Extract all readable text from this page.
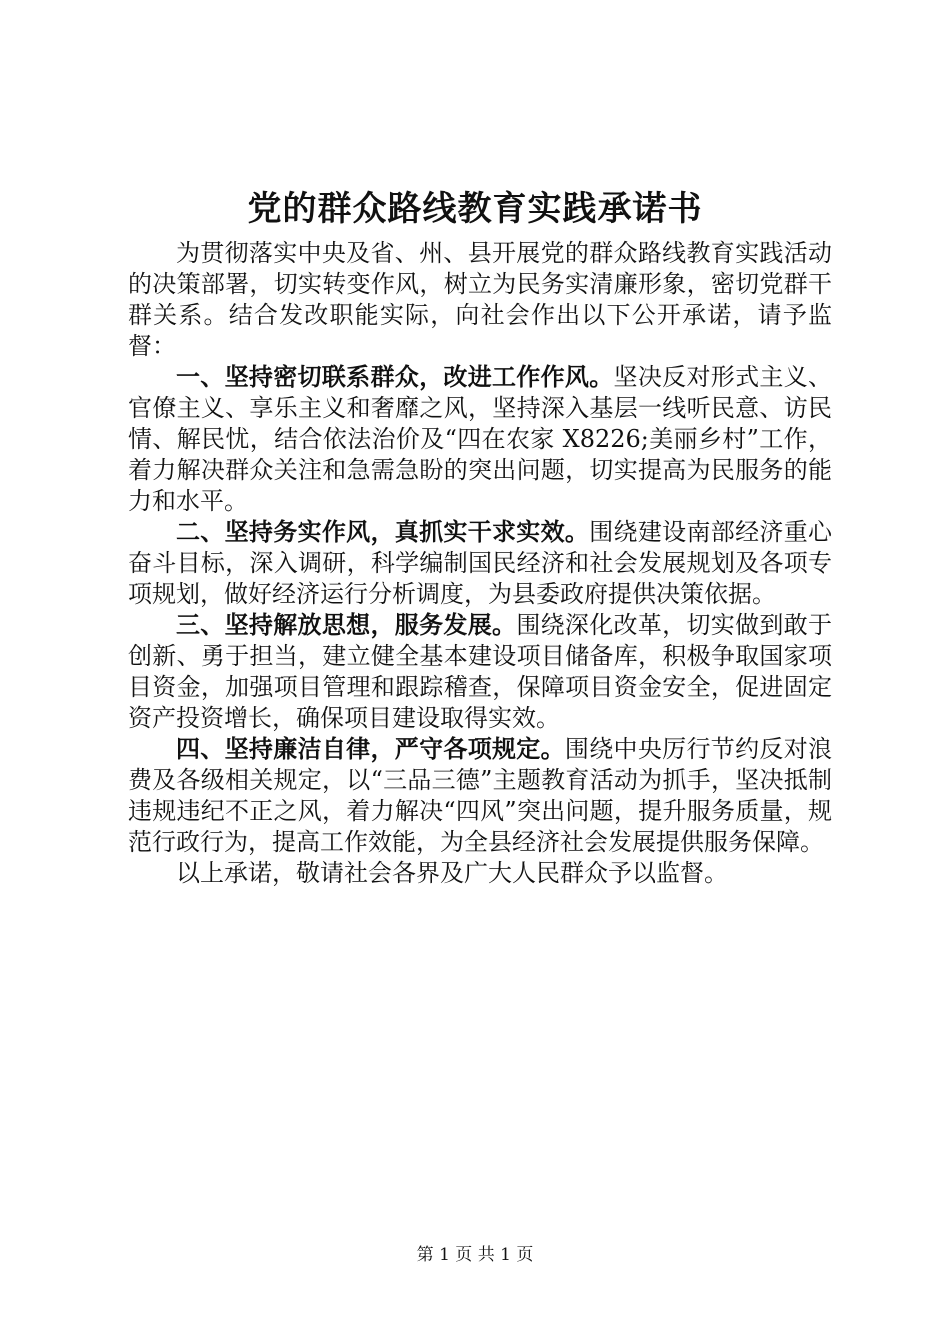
党的群众路线教育实践承诺书

为贯彻落实中央及省、州、县开展党的群众路线教育实践活动的决策部署，切实转变作风，树立为民务实清廉形象，密切党群干群关系。结合发改职能实际，向社会作出以下公开承诺，请予监督：

一、坚持密切联系群众，改进工作作风。坚决反对形式主义、官僚主义、享乐主义和奢靡之风，坚持深入基层一线听民意、访民情、解民忧，结合依法治价及“四在农家 X8226;美丽乡村”工作，着力解决群众关注和急需急盼的突出问题，切实提高为民服务的能力和水平。

二、坚持务实作风，真抓实干求实效。围绕建设南部经济重心奋斗目标，深入调研，科学编制国民经济和社会发展规划及各项专项规划，做好经济运行分析调度，为县委政府提供决策依据。

三、坚持解放思想，服务发展。围绕深化改革，切实做到敢于创新、勇于担当，建立健全基本建设项目储备库，积极争取国家项目资金，加强项目管理和跟踪稽查，保障项目资金安全，促进固定资产投资增长，确保项目建设取得实效。

四、坚持廉洁自律，严守各项规定。围绕中央厉行节约反对浪费及各级相关规定，以“三品三德”主题教育活动为抓手，坚决抵制违规违纪不正之风，着力解决“四风”突出问题，提升服务质量，规范行政行为，提高工作效能，为全县经济社会发展提供服务保障。

以上承诺，敬请社会各界及广大人民群众予以监督。

第 1 页 共 1 页
